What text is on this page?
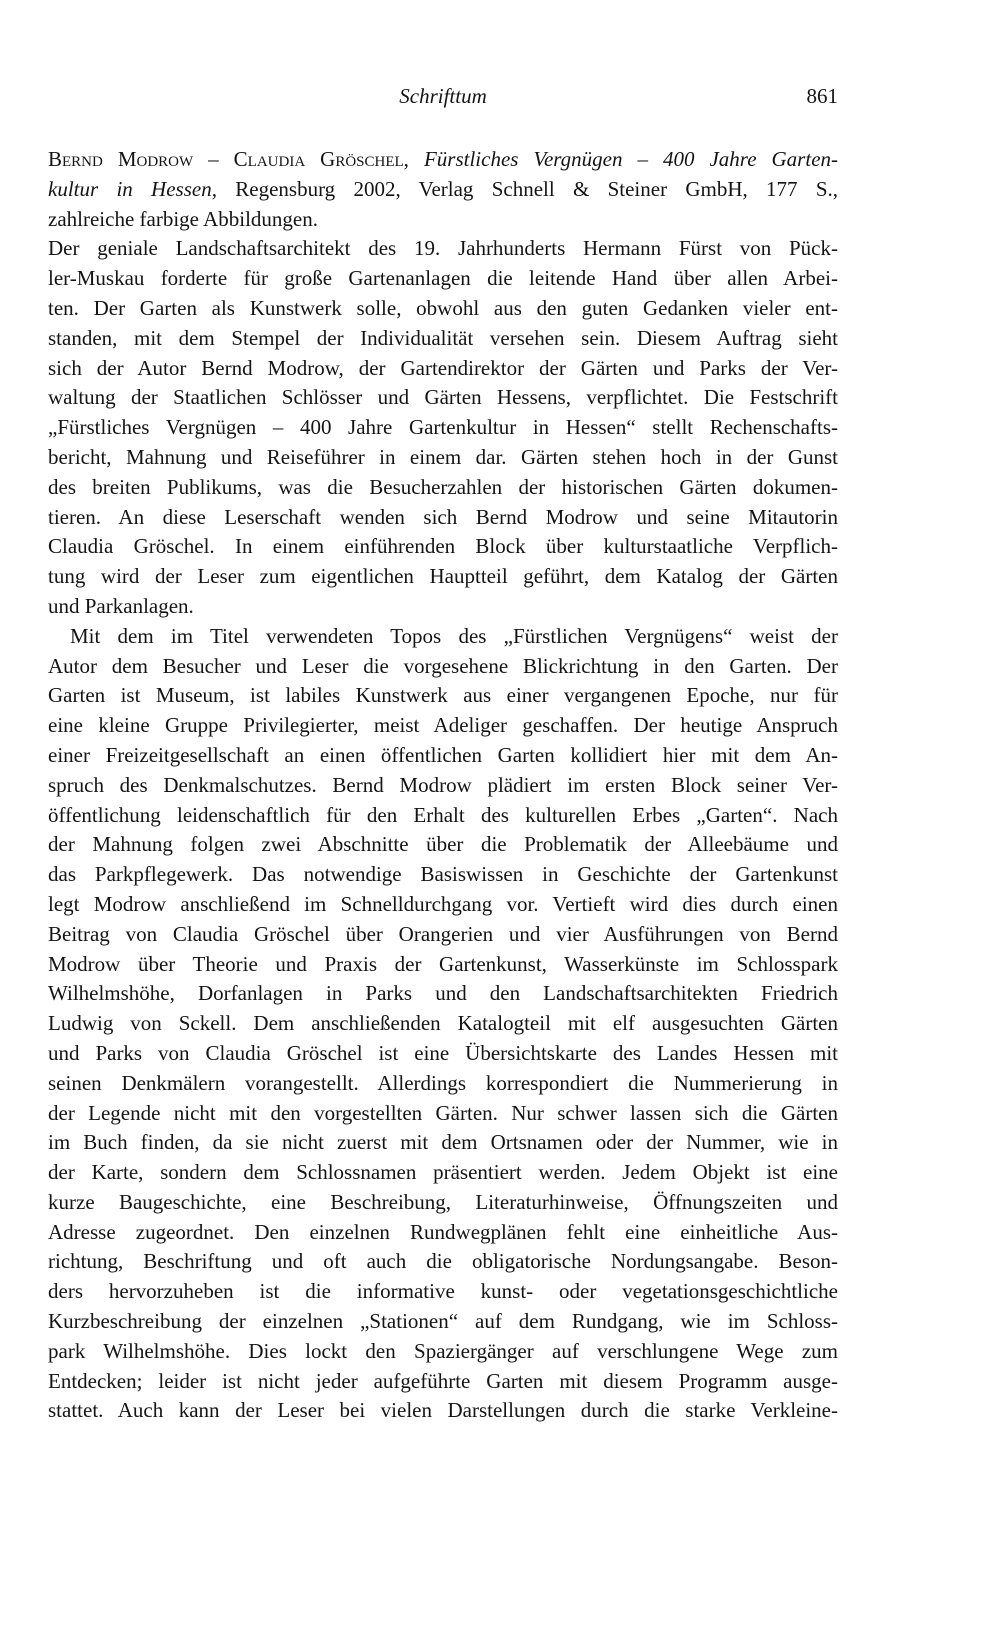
Schrifttum	861
Bernd Modrow – Claudia Gröschel, Fürstliches Vergnügen – 400 Jahre Garten-
kultur in Hessen, Regensburg 2002, Verlag Schnell & Steiner GmbH, 177 S.,
zahlreiche farbige Abbildungen.
Der geniale Landschaftsarchitekt des 19. Jahrhunderts Hermann Fürst von Pück-
ler-Muskau forderte für große Gartenanlagen die leitende Hand über allen Arbei-
ten. Der Garten als Kunstwerk solle, obwohl aus den guten Gedanken vieler ent-
standen, mit dem Stempel der Individualität versehen sein. Diesem Auftrag sieht
sich der Autor Bernd Modrow, der Gartendirektor der Gärten und Parks der Ver-
waltung der Staatlichen Schlösser und Gärten Hessens, verpflichtet. Die Festschrift
„Fürstliches Vergnügen – 400 Jahre Gartenkultur in Hessen“ stellt Rechenschafts-
bericht, Mahnung und Reiseführer in einem dar. Gärten stehen hoch in der Gunst
des breiten Publikums, was die Besucherzahlen der historischen Gärten dokumen-
tieren. An diese Leserschaft wenden sich Bernd Modrow und seine Mitautorin
Claudia Gröschel. In einem einführenden Block über kulturstaatliche Verpflich-
tung wird der Leser zum eigentlichen Hauptteil geführt, dem Katalog der Gärten
und Parkanlagen.
Mit dem im Titel verwendeten Topos des „Fürstlichen Vergnügens“ weist der
Autor dem Besucher und Leser die vorgesehene Blickrichtung in den Garten. Der
Garten ist Museum, ist labiles Kunstwerk aus einer vergangenen Epoche, nur für
eine kleine Gruppe Privilegierter, meist Adeliger geschaffen. Der heutige Anspruch
einer Freizeitgesellschaft an einen öffentlichen Garten kollidiert hier mit dem An-
spruch des Denkmalschutzes. Bernd Modrow plädiert im ersten Block seiner Ver-
öffentlichung leidenschaftlich für den Erhalt des kulturellen Erbes „Garten“. Nach
der Mahnung folgen zwei Abschnitte über die Problematik der Alleebäume und
das Parkpflegewerk. Das notwendige Basiswissen in Geschichte der Gartenkunst
legt Modrow anschließend im Schnelldurchgang vor. Vertieft wird dies durch einen
Beitrag von Claudia Gröschel über Orangerien und vier Ausführungen von Bernd
Modrow über Theorie und Praxis der Gartenkunst, Wasserkünste im Schlosspark
Wilhelmshöhe, Dorfanlagen in Parks und den Landschaftsarchitekten Friedrich
Ludwig von Sckell. Dem anschließenden Katalogteil mit elf ausgesuchten Gärten
und Parks von Claudia Gröschel ist eine Übersichtskarte des Landes Hessen mit
seinen Denkmälern vorangestellt. Allerdings korrespondiert die Nummerierung in
der Legende nicht mit den vorgestellten Gärten. Nur schwer lassen sich die Gärten
im Buch finden, da sie nicht zuerst mit dem Ortsnamen oder der Nummer, wie in
der Karte, sondern dem Schlossnamen präsentiert werden. Jedem Objekt ist eine
kurze Baugeschichte, eine Beschreibung, Literaturhinweise, Öffnungszeiten und
Adresse zugeordnet. Den einzelnen Rundwegplänen fehlt eine einheitliche Aus-
richtung, Beschriftung und oft auch die obligatorische Nordungsangabe. Beson-
ders hervorzuheben ist die informative kunst- oder vegetationsgeschichtliche
Kurzbeschreibung der einzelnen „Stationen“ auf dem Rundgang, wie im Schloss-
park Wilhelmshöhe. Dies lockt den Spaziergänger auf verschlungene Wege zum
Entdecken; leider ist nicht jeder aufgeführte Garten mit diesem Programm ausge-
stattet. Auch kann der Leser bei vielen Darstellungen durch die starke Verkleine-
